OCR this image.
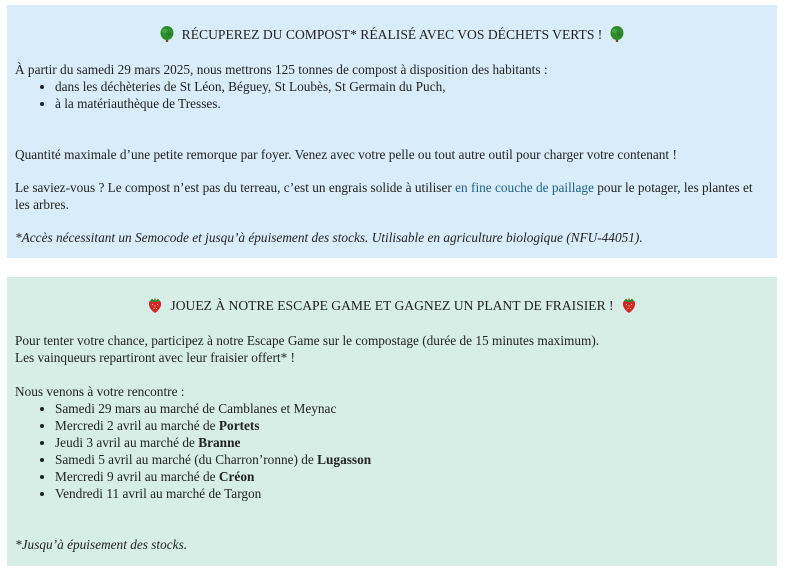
RÉCUPEREZ DU COMPOST* RÉALISÉ AVEC VOS DÉCHETS VERTS !

À partir du samedi 29 mars 2025, nous mettrons 125 tonnes de compost à disposition des habitants :

• dans les déchèteries de St Léon, Béguey, St Loubès, St Germain du Puch,
• à la matériauthèque de Tresses.

Quantité maximale d’une petite remorque par foyer. Venez avec votre pelle ou tout autre outil pour charger votre contenant !

Le saviez-vous ? Le compost n’est pas du terreau, c’est un engrais solide à utiliser en fine couche de paillage pour le potager, les plantes et les arbres.

*Accès nécessitant un Semocode et jusqu’à épuisement des stocks. Utilisable en agriculture biologique (NFU-44051).

JOUEZ À NOTRE ESCAPE GAME ET GAGNEZ UN PLANT DE FRAISIER !

Pour tenter votre chance, participez à notre Escape Game sur le compostage (durée de 15 minutes maximum).

Les vainqueurs repartiront avec leur fraisier offert* !

Nous venons à votre rencontre :

• Samedi 29 mars au marché de Camblanes et Meynac
• Mercredi 2 avril au marché de Portets
• Jeudi 3 avril au marché de Branne
• Samedi 5 avril au marché (du Charron’ronne) de Lugasson
• Mercredi 9 avril au marché de Créon
• Vendredi 11 avril au marché de Targon

*Jusqu’à épuisement des stocks.
